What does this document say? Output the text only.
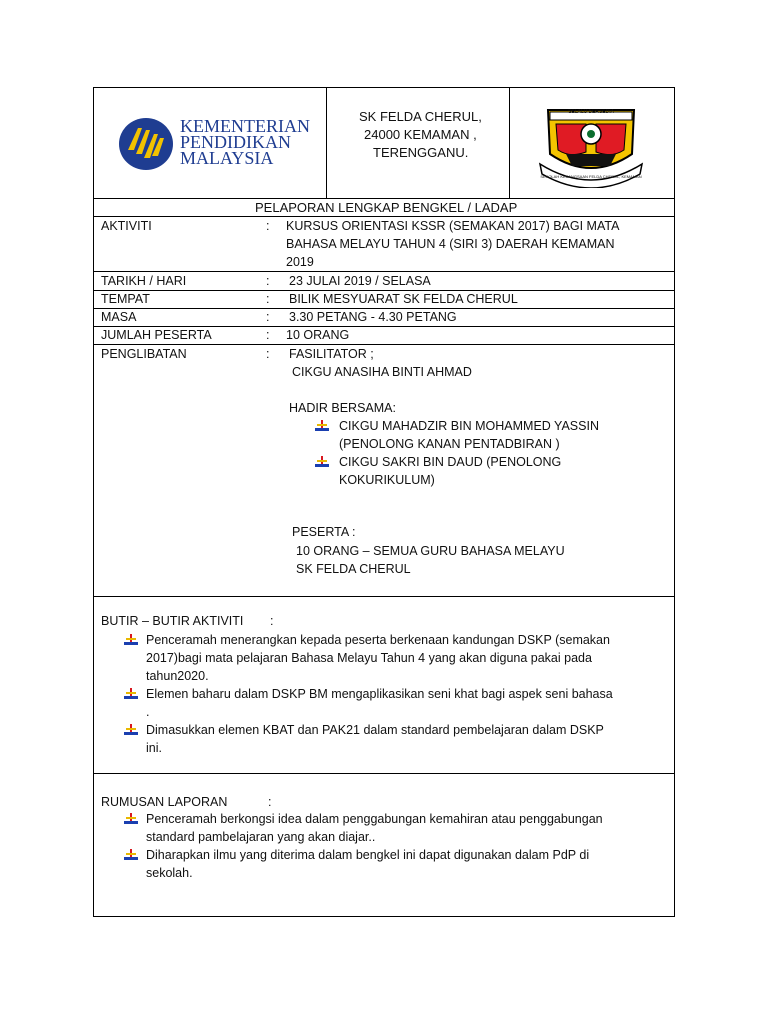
KEMENTERIAN
PENDIDIKAN
MALAYSIA
SK FELDA CHERUL,
24000 KEMAMAN ,
TERENGGANU.
SELALU BERSEDIA
SEKOLAH KEBANGSAAN FELDA CHERUL, KEMAMAN
PELAPORAN LENGKAP BENGKEL / LADAP
AKTIVITI	: KURSUS ORIENTASI KSSR (SEMAKAN 2017) BAGI MATA
BAHASA MELAYU TAHUN 4 (SIRI 3) DAERAH KEMAMAN
2019
TARIKH / HARI	: 23 JULAI 2019 / SELASA
TEMPAT	: BILIK MESYUARAT SK FELDA CHERUL
MASA	: 3.30 PETANG - 4.30 PETANG
JUMLAH PESERTA	: 10 ORANG
PENGLIBATAN	: FASILITATOR ;
CIKGU ANASIHA BINTI AHMAD
HADIR BERSAMA:
CIKGU MAHADZIR BIN MOHAMMED YASSIN
(PENOLONG KANAN PENTADBIRAN )
CIKGU SAKRI BIN DAUD (PENOLONG
KOKURIKULUM)
PESERTA :
10 ORANG – SEMUA GURU BAHASA MELAYU
SK FELDA CHERUL
BUTIR – BUTIR AKTIVITI :
Penceramah menerangkan kepada peserta berkenaan kandungan DSKP (semakan
2017)bagi mata pelajaran Bahasa Melayu Tahun 4 yang akan diguna pakai pada
tahun2020.
Elemen baharu dalam DSKP BM mengaplikasikan seni khat bagi aspek seni bahasa
.
Dimasukkan elemen KBAT dan PAK21 dalam standard pembelajaran dalam DSKP
ini.
RUMUSAN LAPORAN	:
Penceramah berkongsi idea dalam penggabungan kemahiran atau penggabungan
standard pambelajaran yang akan diajar..
Diharapkan ilmu yang diterima dalam bengkel ini dapat digunakan dalam PdP di
sekolah.
